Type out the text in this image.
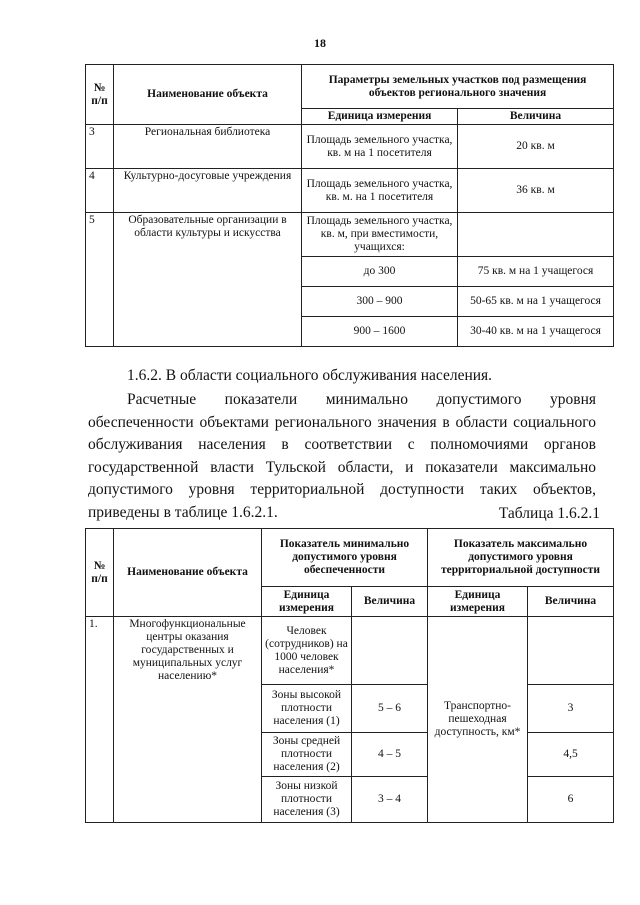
18
№ п/п	Наименование объекта	Параметры земельных участков под размещения объектов регионального значения	
		Единица измерения	Величина
3	Региональная библиотека	Площадь земельного участка, кв. м на 1 посетителя	20 кв. м
4	Культурно-досуговые учреждения	Площадь земельного участка, кв. м. на 1 посетителя	36 кв. м
5	Образовательные организации в области культуры и искусства	Площадь земельного участка, кв. м, при вместимости, учащихся:	
		до 300	75 кв. м на 1 учащегося
		300 – 900	50-65 кв. м на 1 учащегося
		900 – 1600	30-40 кв. м на 1 учащегося
1.6.2. В области социального обслуживания населения.
Расчетные показатели минимально допустимого уровня
обеспеченности объектами регионального значения в области социального
обслуживания населения в соответствии с полномочиями органов
государственной власти Тульской области, и показатели максимально
допустимого уровня территориальной доступности таких объектов,
приведены в таблице 1.6.2.1.	Таблица 1.6.2.1
№ п/п	Наименование объекта	Показатель минимально допустимого уровня обеспеченности		Показатель максимально допустимого уровня территориальной доступности	
		Единица измерения	Величина	Единица измерения	Величина
1.	Многофункциональные центры оказания государственных и муниципальных услуг населению*	Человек (сотрудников) на 1000 человек населения*		Транспортно-пешеходная доступность, км*	
		Зоны высокой плотности населения (1)	5 – 6		3
		Зоны средней плотности населения (2)	4 – 5		4,5
		Зоны низкой плотности населения (3)	3 – 4		6
